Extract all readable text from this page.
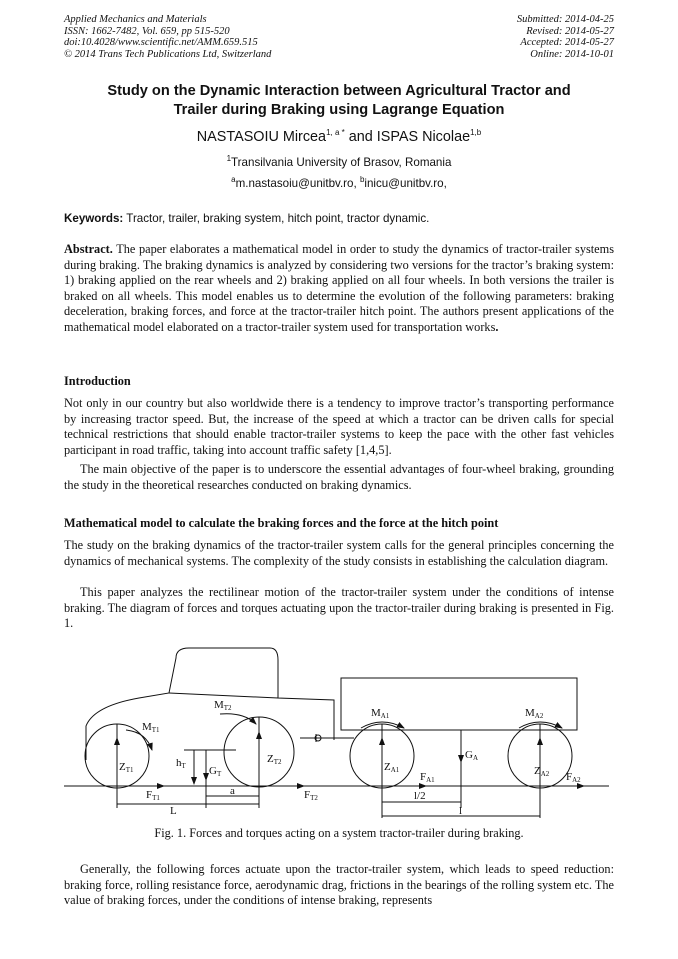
Applied Mechanics and Materials
ISSN: 1662-7482, Vol. 659, pp 515-520
doi:10.4028/www.scientific.net/AMM.659.515
© 2014 Trans Tech Publications Ltd, Switzerland
Submitted: 2014-04-25
Revised: 2014-05-27
Accepted: 2014-05-27
Online: 2014-10-01
Study on the Dynamic Interaction between Agricultural Tractor and
Trailer during Braking using Lagrange Equation
NASTASOIU Mircea$^{1, a *}$ and ISPAS Nicolae$^{1,b}$
$^1$Transilvania University of Brasov, Romania
$^a$m.nastasoiu@unitbv.ro, $^b$inicu@unitbv.ro,
Keywords: Tractor, trailer, braking system, hitch point, tractor dynamic.
Abstract. The paper elaborates a mathematical model in order to study the dynamics of tractor-trailer systems during braking. The braking dynamics is analyzed by considering two versions for the tractor’s braking system: 1) braking applied on the rear wheels and 2) braking applied on all four wheels. In both versions the trailer is braked on all wheels. This model enables us to determine the evolution of the following parameters: braking deceleration, braking forces, and force at the tractor-trailer hitch point. The authors present applications of the mathematical model elaborated on a tractor-trailer system used for transportation works.
Introduction
Not only in our country but also worldwide there is a tendency to improve tractor’s transporting performance by increasing tractor speed. But, the increase of the speed at which a tractor can be driven calls for special technical restrictions that should enable tractor-trailer systems to keep the pace with the other fast vehicles participant in road traffic, taking into account traffic safety [1,4,5].
The main objective of the paper is to underscore the essential advantages of four-wheel braking, grounding the study in the theoretical researches conducted on braking dynamics.
Mathematical model to calculate the braking forces and the force at the hitch point
The study on the braking dynamics of the tractor-trailer system calls for the general principles concerning the dynamics of mechanical systems. The complexity of the study consists in establishing the calculation diagram.
This paper analyzes the rectilinear motion of the tractor-trailer system under the conditions of intense braking. The diagram of forces and torques actuating upon the tractor-trailer during braking is presented in Fig. 1.
MT1
MT2	MA1	MA2
ZT1
ZT2	ZA1	ZA2
hT GT
GA
FT1	FT2
FA1	FA2
L
a	l/2
l
Fig. 1. Forces and torques acting on a system tractor-trailer during braking.
Generally, the following forces actuate upon the tractor-trailer system, which leads to speed reduction: braking force, rolling resistance force, aerodynamic drag, frictions in the bearings of the rolling system etc. The value of braking forces, under the conditions of intense braking, represents
